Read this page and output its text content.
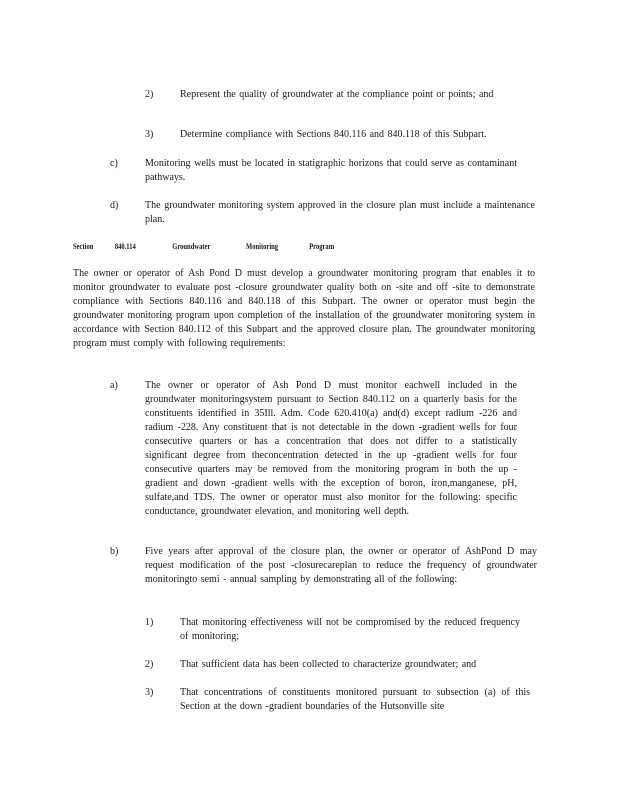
2)	Represent the quality of groundwater at the compliance point or points; and
3)	Determine compliance with Sections 840.116 and 840.118 of this Subpart.
c)	Monitoring wells must be located in statigraphic horizons that could serve as contaminant pathways.
d)	The groundwater monitoring system approved in the closure plan must include a maintenance plan.
Section	840.114	Groundwater	Monitoring	Program
The owner or operator of Ash Pond D must develop a groundwater monitoring program that enables it to monitor groundwater to evaluate post -closure groundwater quality both on -site and off -site to demonstrate compliance with Sections 840.116 and 840.118 of this Subpart. The owner or operator must begin the groundwater monitoring program upon completion of the installation of the groundwater monitoring system in accordance with Section 840.112 of this Subpart and the approved closure plan. The groundwater monitoring program must comply with following requirements:
a)	The owner or operator of Ash Pond D must monitor eachwell included in the groundwater monitoringsystem pursuant to Section 840.112 on a quarterly basis for the constituents identified in 35Ill. Adm. Code 620.410(a) and(d) except radium -226 and radium -228. Any constituent that is not detectable in the down -gradient wells for four consecutive quarters or has a concentration that does not differ to a statistically significant degree from theconcentration detected in the up -gradient wells for four consecutive quarters may be removed from the monitoring program in both the up -gradient and down -gradient wells with the exception of boron, iron,manganese, pH, sulfate,and TDS. The owner or operator must also monitor for the following: specific conductance, groundwater elevation, and monitoring well depth.
b)	Five years after approval of the closure plan, the owner or operator of AshPond D may request modification of the post -closurecareplan to reduce the frequency of groundwater monitoringto semi - annual sampling by demonstrating all of the following:
1)	That monitoring effectiveness will not be compromised by the reduced frequency of monitoring;
2)	That sufficient data has been collected to characterize groundwater; and
3)	That concentrations of constituents monitored pursuant to subsection (a) of this Section at the down -gradient boundaries of the Hutsonville site
